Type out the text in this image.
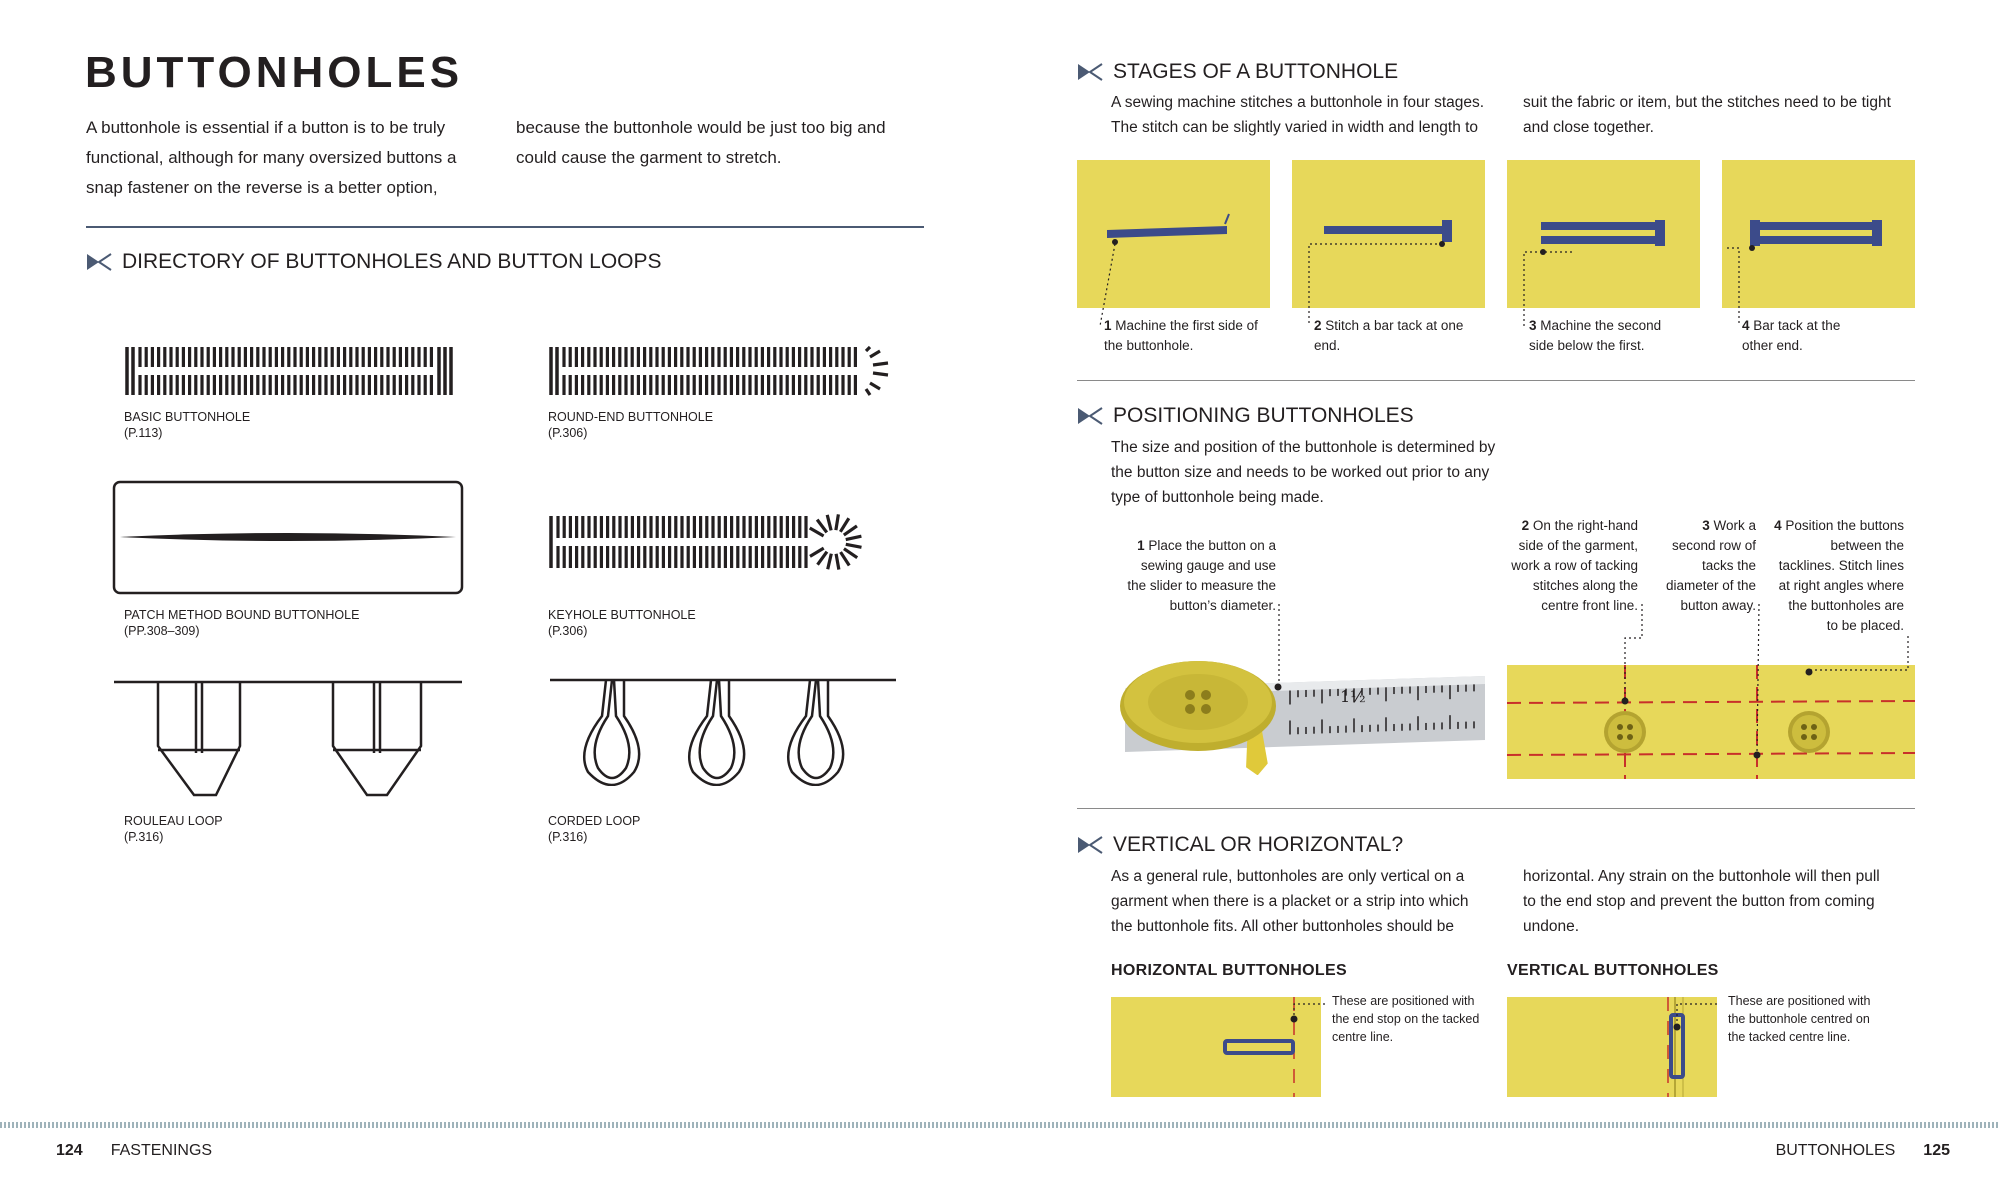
BUTTONHOLES
A buttonhole is essential if a button is to be truly functional, although for many oversized buttons a snap fastener on the reverse is a better option,
because the buttonhole would be just too big and could cause the garment to stretch.
DIRECTORY OF BUTTONHOLES AND BUTTON LOOPS
BASIC BUTTONHOLE
(P.113)
ROUND-END BUTTONHOLE
(P.306)
PATCH METHOD BOUND BUTTONHOLE
(PP.308–309)
KEYHOLE BUTTONHOLE
(P.306)
ROULEAU LOOP
(P.316)
CORDED LOOP
(P.316)
STAGES OF A BUTTONHOLE
A sewing machine stitches a buttonhole in four stages. The stitch can be slightly varied in width and length to
suit the fabric or item, but the stitches need to be tight and close together.
1 Machine the first side of the buttonhole.
2 Stitch a bar tack at one end.
3 Machine the second side below the first.
4 Bar tack at the other end.
POSITIONING BUTTONHOLES
The size and position of the buttonhole is determined by the button size and needs to be worked out prior to any type of buttonhole being made.
1 Place the button on a sewing gauge and use the slider to measure the button’s diameter.
2 On the right-hand side of the garment, work a row of tacking stitches along the centre front line.
3 Work a second row of tacks the diameter of the button away.
4 Position the buttons between the tacklines. Stitch lines at right angles where the buttonholes are to be placed.
1½
VERTICAL OR HORIZONTAL?
As a general rule, buttonholes are only vertical on a garment when there is a placket or a strip into which the buttonhole fits. All other buttonholes should be
horizontal. Any strain on the buttonhole will then pull to the end stop and prevent the button from coming undone.
HORIZONTAL BUTTONHOLES	VERTICAL BUTTONHOLES
These are positioned with the end stop on the tacked centre line.
These are positioned with the buttonhole centred on the tacked centre line.
124 FASTENINGS	BUTTONHOLES 125
